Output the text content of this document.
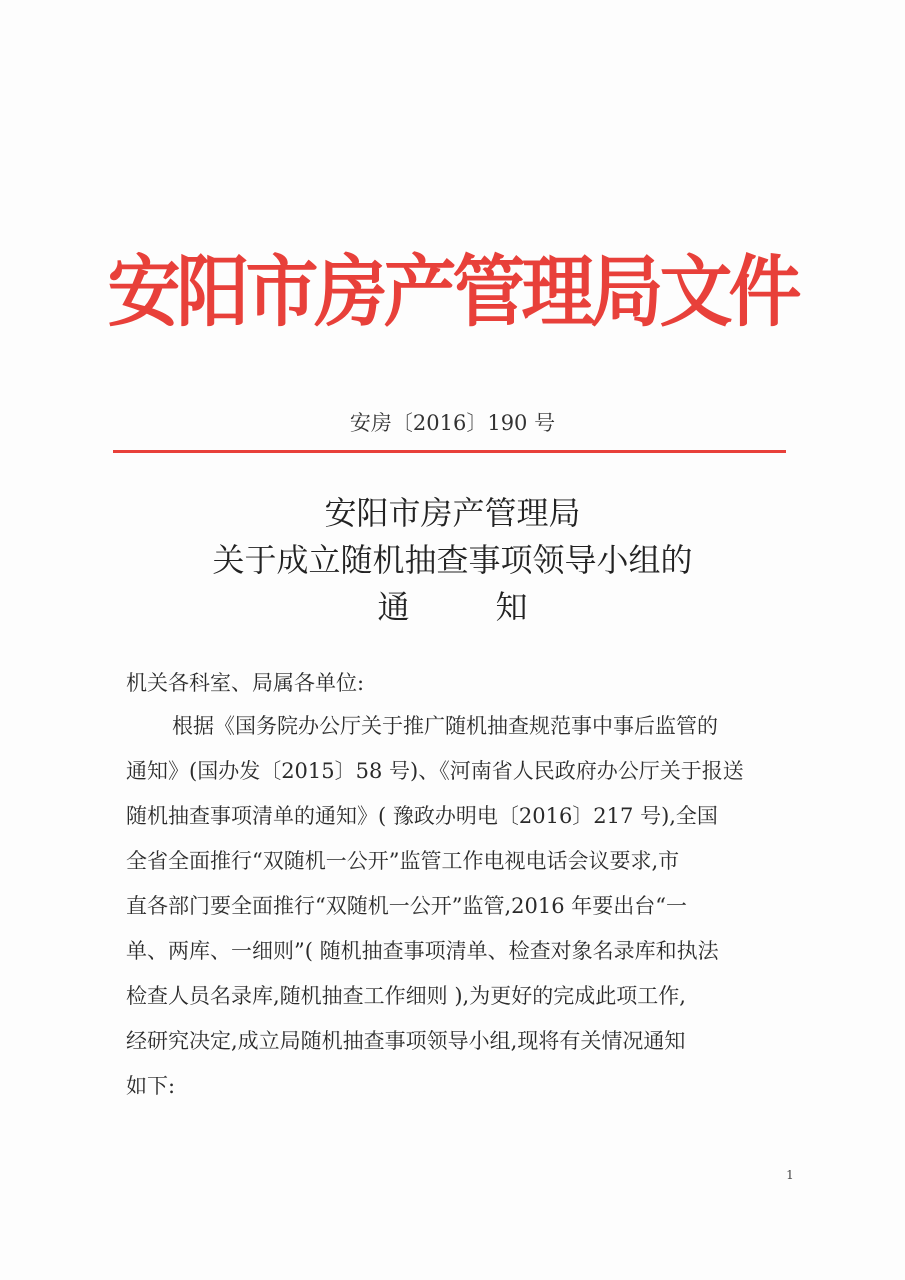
安阳市房产管理局文件
安房〔2016〕190 号
安阳市房产管理局
关于成立随机抽查事项领导小组的
通知
机关各科室、局属各单位:
根据《国务院办公厅关于推广随机抽查规范事中事后监管的
通知》(国办发〔2015〕58 号)、《河南省人民政府办公厅关于报送
随机抽查事项清单的通知》( 豫政办明电〔2016〕217 号),全国
全省全面推行“双随机一公开”监管工作电视电话会议要求,市
直各部门要全面推行“双随机一公开”监管,2016 年要出台“一
单、两库、一细则”( 随机抽查事项清单、检查对象名录库和执法
检查人员名录库,随机抽查工作细则 ),为更好的完成此项工作,
经研究决定,成立局随机抽查事项领导小组,现将有关情况通知
如下:
1
